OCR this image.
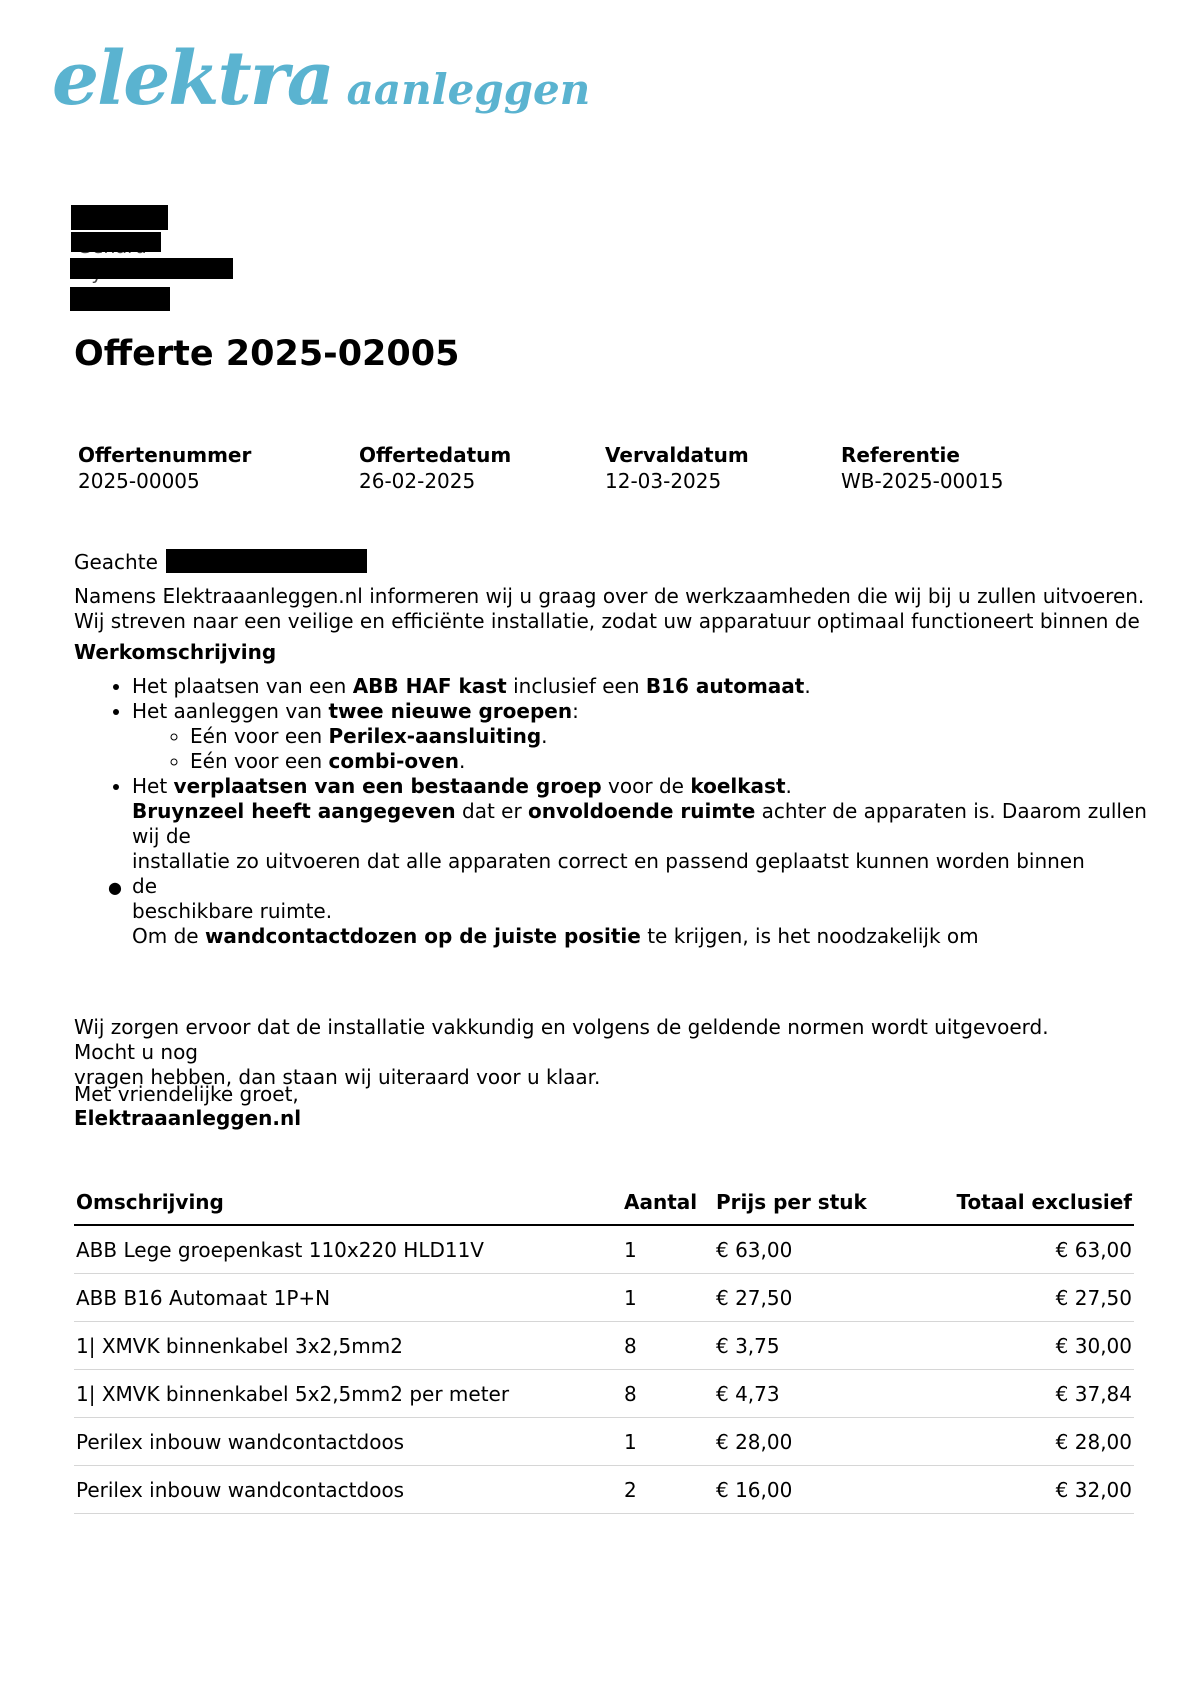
elektra aanleggen
Offerte 2025-02005
Offertenummer
2025-00005
Offertedatum
26-02-2025
Vervaldatum
12-03-2025
Referentie
WB-2025-00015
Geachte

Namens Elektraaanleggen.nl informeren wij u graag over de werkzaamheden die wij bij u zullen uitvoeren.

Wij streven naar een veilige en efficiënte installatie, zodat uw apparatuur optimaal functioneert binnen de

Werkomschrijving

• Het plaatsen van een ABB HAF kast inclusief een B16 automaat.
• Het aanleggen van twee nieuwe groepen:
◦ Eén voor een Perilex-aansluiting.
◦ Eén voor een combi-oven.
• Het verplaatsen van een bestaande groep voor de koelkast.
●
Bruynzeel heeft aangegeven dat er onvoldoende ruimte achter de apparaten is. Daarom zullen wij de
installatie zo uitvoeren dat alle apparaten correct en passend geplaatst kunnen worden binnen
de
beschikbare ruimte.
Om de wandcontactdozen op de juiste positie te krijgen, is het noodzakelijk om

Wij zorgen ervoor dat de installatie vakkundig en volgens de geldende normen wordt uitgevoerd. Mocht u nog

vragen hebben, dan staan wij uiteraard voor u klaar.

Met vriendelijke groet,
Elektraaanleggen.nl
Omschrijving	Aantal	Prijs per stuk	Totaal exclusief
ABB Lege groepenkast 110x220 HLD11V	1	€ 63,00	€ 63,00
ABB B16 Automaat 1P+N	1	€ 27,50	€ 27,50
1| XMVK binnenkabel 3x2,5mm2	8	€ 3,75	€ 30,00
1| XMVK binnenkabel 5x2,5mm2 per meter	8	€ 4,73	€ 37,84
Perilex inbouw wandcontactdoos	1	€ 28,00	€ 28,00
Perilex inbouw wandcontactdoos	2	€ 16,00	€ 32,00
